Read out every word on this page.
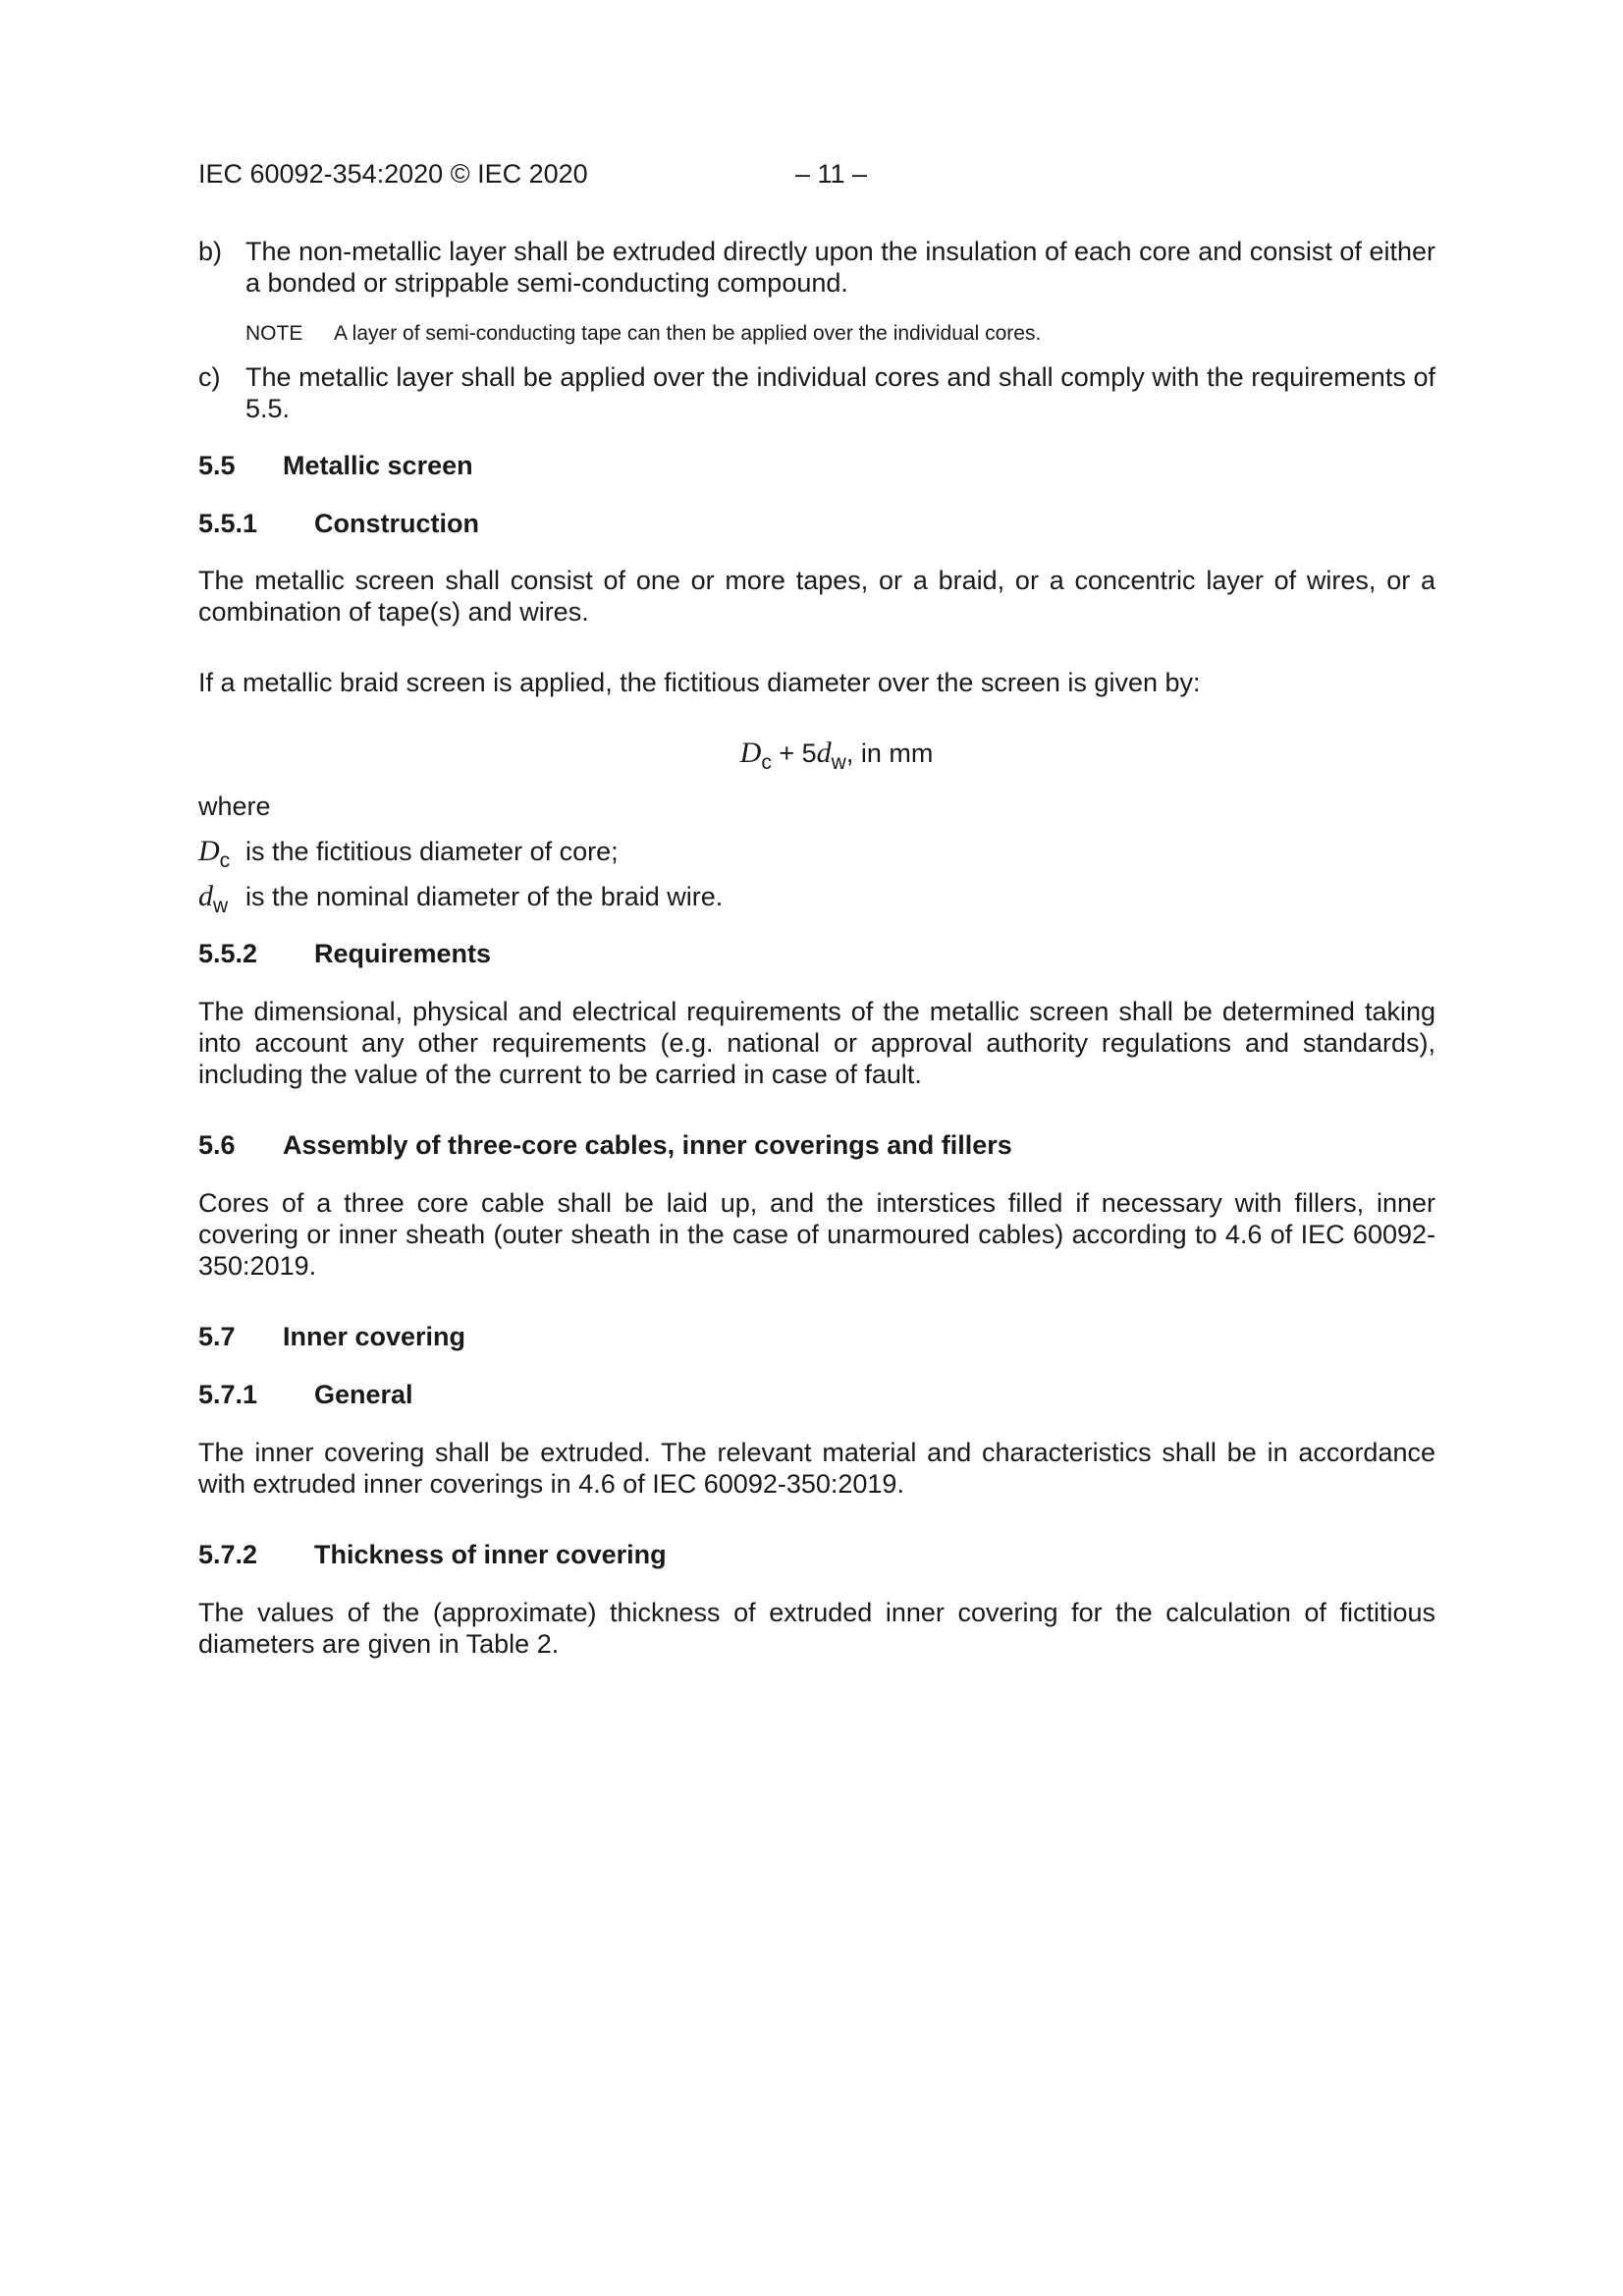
IEC 60092-354:2020 © IEC 2020	– 11 –
b) The non-metallic layer shall be extruded directly upon the insulation of each core and consist of either a bonded or strippable semi-conducting compound.
NOTE	A layer of semi-conducting tape can then be applied over the individual cores.
c) The metallic layer shall be applied over the individual cores and shall comply with the requirements of 5.5.
5.5	Metallic screen
5.5.1	Construction

The metallic screen shall consist of one or more tapes, or a braid, or a concentric layer of wires, or a combination of tape(s) and wires.

If a metallic braid screen is applied, the fictitious diameter over the screen is given by:

$D_c + 5d_w$, in mm

where

$D_c$ is the fictitious diameter of core;
$d_w$ is the nominal diameter of the braid wire.
5.5.2	Requirements

The dimensional, physical and electrical requirements of the metallic screen shall be determined taking into account any other requirements (e.g. national or approval authority regulations and standards), including the value of the current to be carried in case of fault.

5.6	Assembly of three-core cables, inner coverings and fillers

Cores of a three core cable shall be laid up, and the interstices filled if necessary with fillers, inner covering or inner sheath (outer sheath in the case of unarmoured cables) according to 4.6 of IEC 60092-350:2019.

5.7	Inner covering
5.7.1	General

The inner covering shall be extruded. The relevant material and characteristics shall be in accordance with extruded inner coverings in 4.6 of IEC 60092-350:2019.

5.7.2	Thickness of inner covering

The values of the (approximate) thickness of extruded inner covering for the calculation of fictitious diameters are given in Table 2.
